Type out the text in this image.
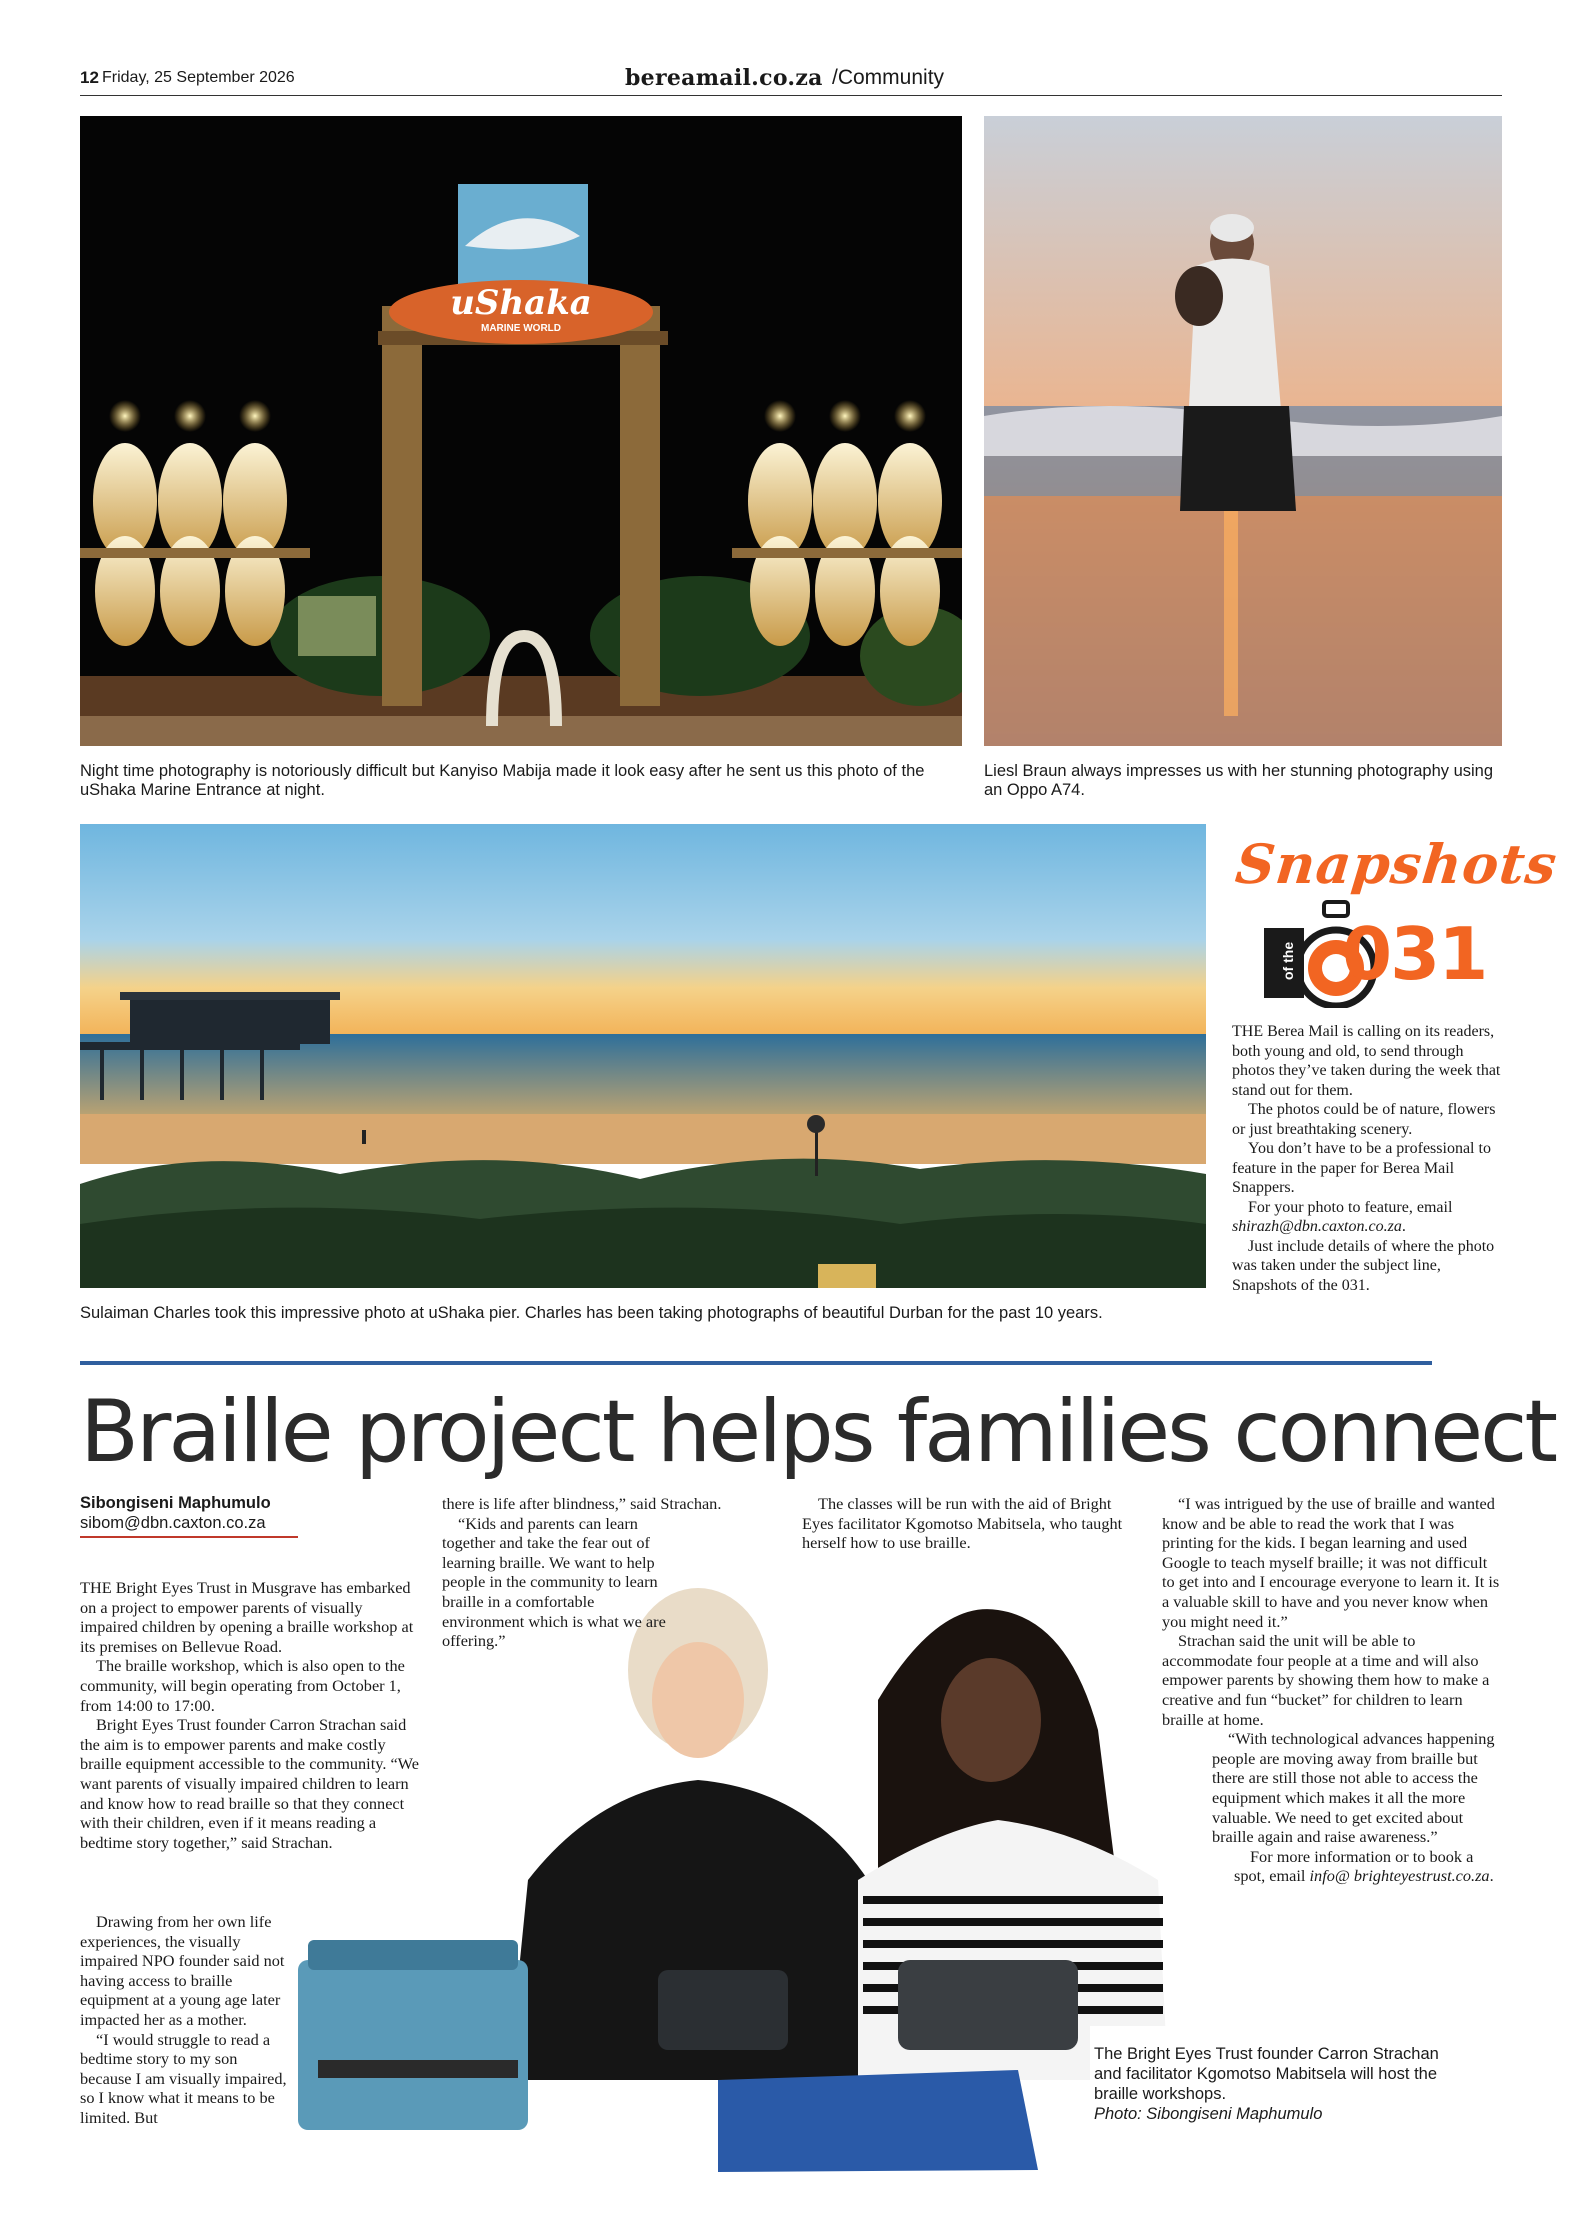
12 Friday, 25 September 2026	bereamail.co.za /Community
uShaka
MARINE WORLD
Night time photography is notoriously difficult but Kanyiso Mabija made it look easy after he sent us this photo of the uShaka Marine Entrance at night.
Liesl Braun always impresses us with her stunning photography using an Oppo A74.
Sulaiman Charles took this impressive photo at uShaka pier. Charles has been taking photographs of beautiful Durban for the past 10 years.
Snapshots
of the 031

THE Berea Mail is calling on its readers, both young and old, to send through photos they’ve taken during the week that stand out for them.

The photos could be of nature, flowers or just breathtaking scenery.

You don’t have to be a professional to feature in the paper for Berea Mail Snappers.

For your photo to feature, email shirazh@dbn.caxton.co.za.

Just include details of where the photo was taken under the subject line, Snapshots of the 031.

Braille project helps families connect
Sibongiseni Maphumulo
sibom@dbn.caxton.co.za
The Bright Eyes Trust founder Carron Strachan and facilitator Kgomotso Mabitsela will host the braille workshops.
Photo: Sibongiseni Maphumulo

THE Bright Eyes Trust in Musgrave has embarked on a project to empower parents of visually impaired children by opening a braille workshop at its premises on Bellevue Road.

The braille workshop, which is also open to the community, will begin operating from October 1, from 14:00 to 17:00.

Bright Eyes Trust founder Carron Strachan said the aim is to empower parents and make costly braille equipment accessible to the community. “We want parents of visually impaired children to learn and know how to read braille so that they connect with their children, even if it means reading a bedtime story together,” said Strachan.

Drawing from her own life experiences, the visually impaired NPO founder said not having access to braille equipment at a young age later impacted her as a mother.

“I would struggle to read a bedtime story to my son because I am visually impaired, so I know what it means to be limited. But

there is life after blindness,” said Strachan.

“Kids and parents can learn together and take the fear out of learning braille. We want to help people in the community to learn braille in a comfortable environment which is what we are offering.”

The classes will be run with the aid of Bright Eyes facilitator Kgomotso Mabitsela, who taught herself how to use braille.

“I was intrigued by the use of braille and wanted know and be able to read the work that I was printing for the kids. I began learning and used Google to teach myself braille; it was not difficult to get into and I encourage everyone to learn it. It is a valuable skill to have and you never know when you might need it.”

Strachan said the unit will be able to accommodate four people at a time and will also empower parents by showing them how to make a creative and fun “bucket” for children to learn braille at home.

“With technological advances happening people are moving away from braille but there are still those not able to access the equipment which makes it all the more valuable. We need to get excited about braille again and raise awareness.”

For more information or to book a spot, email info@ brighteyestrust.co.za.
